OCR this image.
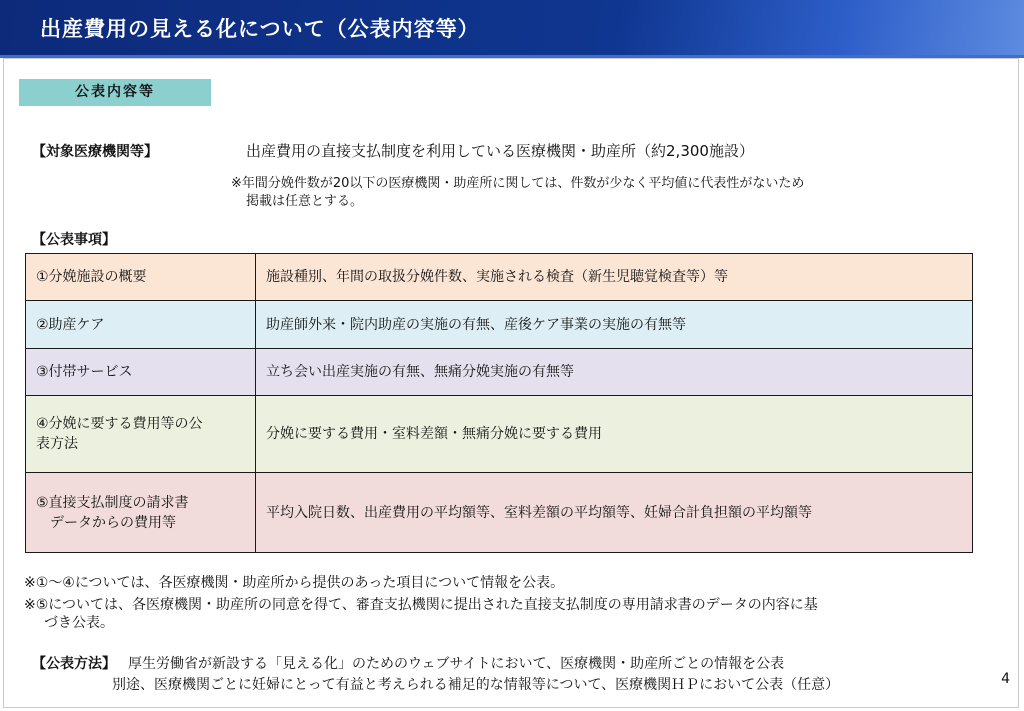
出産費用の見える化について（公表内容等）
公表内容等
【対象医療機関等】	出産費用の直接支払制度を利用している医療機関・助産所（約2,300施設）
※年間分娩件数が20以下の医療機関・助産所に関しては、件数が少なく平均値に代表性がないため
掲載は任意とする。
【公表事項】
①分娩施設の概要	施設種別、年間の取扱分娩件数、実施される検査（新生児聴覚検査等）等
②助産ケア	助産師外来・院内助産の実施の有無、産後ケア事業の実施の有無等
③付帯サービス	立ち会い出産実施の有無、無痛分娩実施の有無等

④分娩に要する費用等の公
表方法	分娩に要する費用・室料差額・無痛分娩に要する費用

⑤直接支払制度の請求書
データからの費用等	平均入院日数、出産費用の平均額等、室料差額の平均額等、妊婦合計負担額の平均額等
※①～④については、各医療機関・助産所から提供のあった項目について情報を公表。
※⑤については、各医療機関・助産所の同意を得て、審査支払機関に提出された直接支払制度の専用請求書のデータの内容に基
づき公表。
【公表方法】 厚生労働省が新設する「見える化」のためのウェブサイトにおいて、医療機関・助産所ごとの情報を公表
別途、医療機関ごとに妊婦にとって有益と考えられる補足的な情報等について、医療機関ＨＰにおいて公表（任意）	4
